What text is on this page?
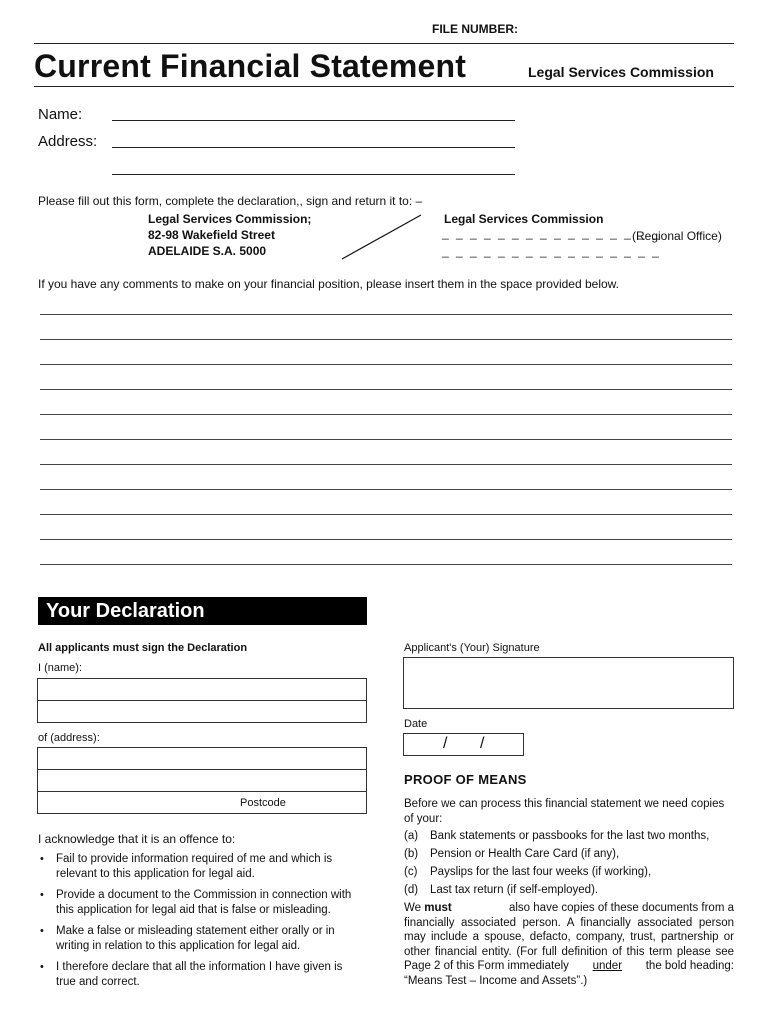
FILE NUMBER:
Current Financial Statement	Legal Services Commission
Name:
Address:
Please fill out this form, complete the declaration,, sign and return it to: –
Legal Services Commission;
82-98 Wakefield Street
ADELAIDE S.A. 5000
Legal Services Commission
_ _ _ _ _ _ _ _ _ _ _ _ _ _ _ _
(Regional Office)
_ _ _ _ _ _ _ _ _ _ _ _ _ _ _ _
If you have any comments to make on your financial position, please insert them in the space provided below.
Your Declaration
All applicants must sign the Declaration
I (name):
of (address):
Postcode
I acknowledge that it is an offence to:
• Fail to provide information required of me and which is
relevant to this application for legal aid.
• Provide a document to the Commission in connection with
this application for legal aid that is false or misleading.
• Make a false or misleading statement either orally or in
writing in relation to this application for legal aid.
• I therefore declare that all the information I have given is
true and correct.
Applicant's (Your) Signature
Date
/ /
PROOF OF MEANS
Before we can process this financial statement we need copies
of your:
(a) Bank statements or passbooks for the last two months,
(b) Pension or Health Care Card (if any),
(c) Payslips for the last four weeks (if working),
(d) Last tax return (if self-employed).
We must	also have copies of these documents from a
financially associated person. A financially associated person
may include a spouse, defacto, company, trust, partnership or
other financial entity. (For full definition of this term please see
Page 2 of this Form immediately under the bold heading:
“Means Test – Income and Assets”.)
